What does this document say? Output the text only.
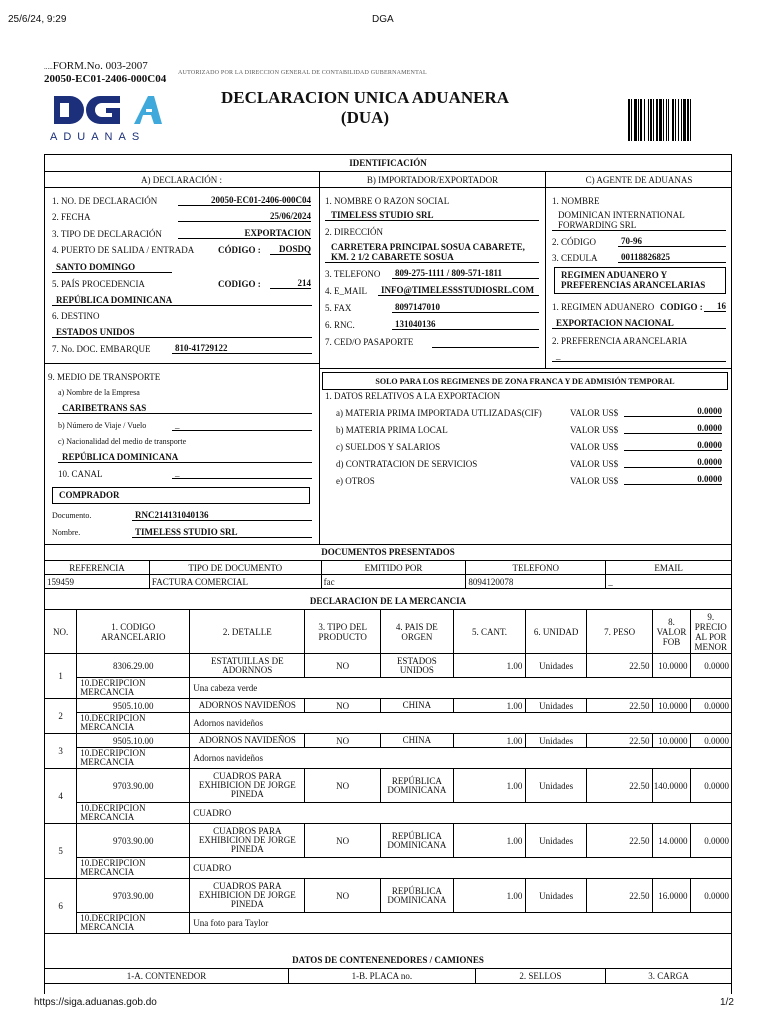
25/6/24, 9:29	DGA
.....FORM.No. 003-2007
20050-EC01-2406-000C04 AUTORIZADO POR LA DIRECCION GENERAL DE CONTABILIDAD GUBERNAMENTAL
ADUANAS
DECLARACION UNICA ADUANERA
(DUA)
IDENTIFICACIÓN
A) DECLARACIÓN :	B) IMPORTADOR/EXPORTADOR	C) AGENTE DE ADUANAS
1. NO. DE DECLARACIÓN	20050-EC01-2406-000C04
2. FECHA	25/06/2024
3. TIPO DE DECLARACIÓN	EXPORTACION
4. PUERTO DE SALIDA / ENTRADA	CÓDIGO :	DOSDQ
SANTO DOMINGO
5. PAÍS PROCEDENCIA	CODIGO :	214
REPÚBLICA DOMINICANA
6. DESTINO
ESTADOS UNIDOS
7. No. DOC. EMBARQUE	810-41729122
9. MEDIO DE TRANSPORTE
a) Nombre de la Empresa
CARIBETRANS SAS
b) Número de Viaje / Vuelo	_
c) Nacionalidad del medio de transporte
REPÚBLICA DOMINICANA
10. CANAL	_
COMPRADOR
Documento.	RNC214131040136
Nombre.	TIMELESS STUDIO SRL
1. NOMBRE O RAZON SOCIAL
TIMELESS STUDIO SRL
2. DIRECCIÓN
CARRETERA PRINCIPAL SOSUA CABARETE,
KM. 2 1/2 CABARETE SOSUA
3. TELEFONO	809-275-1111 / 809-571-1811
4. E_MAIL	INFO@TIMELESSSTUDIOSRL.COM
5. FAX	8097147010
6. RNC.	131040136
7. CED/O PASAPORTE
SOLO PARA LOS REGIMENES DE ZONA FRANCA Y DE ADMISIÓN TEMPORAL
1. DATOS RELATIVOS A LA EXPORTACION
a) MATERIA PRIMA IMPORTADA UTLIZADAS(CIF)	VALOR US$	0.0000
b) MATERIA PRIMA LOCAL	VALOR US$	0.0000
c) SUELDOS Y SALARIOS	VALOR US$	0.0000
d) CONTRATACION DE SERVICIOS	VALOR US$	0.0000
e) OTROS	VALOR US$	0.0000
1. NOMBRE
DOMINICAN INTERNATIONAL
FORWARDING SRL
2. CÓDIGO	70-96
3. CEDULA	00118826825
REGIMEN ADUANERO Y
PREFERENCIAS ARANCELARIAS
1. REGIMEN ADUANERO CODIGO :	16
EXPORTACION NACIONAL
2. PREFERENCIA ARANCELARIA
_
DOCUMENTOS PRESENTADOS
REFERENCIA	TIPO DE DOCUMENTO	EMITIDO POR	TELEFONO	EMAIL
159459	FACTURA COMERCIAL	fac	8094120078	_
DECLARACION DE LA MERCANCIA
NO.	1. CODIGO ARANCELARIO	2. DETALLE	3. TIPO DEL PRODUCTO	4. PAIS DE ORGEN	5. CANT.	6. UNIDAD	7. PESO	8. VALOR FOB	9. PRECIO AL POR MENOR
1	8306.29.00	ESTATUILLAS DE ADORNNOS	NO	ESTADOS UNIDOS	1.00	Unidades	22.50	10.0000	0.0000
	10.DECRIPCION MERCANCIA	Una cabeza verde							
2	9505.10.00	ADORNOS NAVIDEÑOS	NO	CHINA	1.00	Unidades	22.50	10.0000	0.0000
	10.DECRIPCION MERCANCIA	Adornos navideños							
3	9505.10.00	ADORNOS NAVIDEÑOS	NO	CHINA	1.00	Unidades	22.50	10.0000	0.0000
	10.DECRIPCION MERCANCIA	Adornos navideños							
4	9703.90.00	CUADROS PARA EXHIBICION DE JORGE PINEDA	NO	REPÚBLICA DOMINICANA	1.00	Unidades	22.50	140.0000	0.0000
	10.DECRIPCION MERCANCIA	CUADRO							
5	9703.90.00	CUADROS PARA EXHIBICION DE JORGE PINEDA	NO	REPÚBLICA DOMINICANA	1.00	Unidades	22.50	14.0000	0.0000
	10.DECRIPCION MERCANCIA	CUADRO							
6	9703.90.00	CUADROS PARA EXHIBICION DE JORGE PINEDA	NO	REPÚBLICA DOMINICANA	1.00	Unidades	22.50	16.0000	0.0000
	10.DECRIPCION MERCANCIA	Una foto para Taylor							
DATOS DE CONTENENEDORES / CAMIONES
1-A. CONTENEDOR	1-B. PLACA no.	2. SELLOS	3. CARGA
https://siga.aduanas.gob.do	1/2
